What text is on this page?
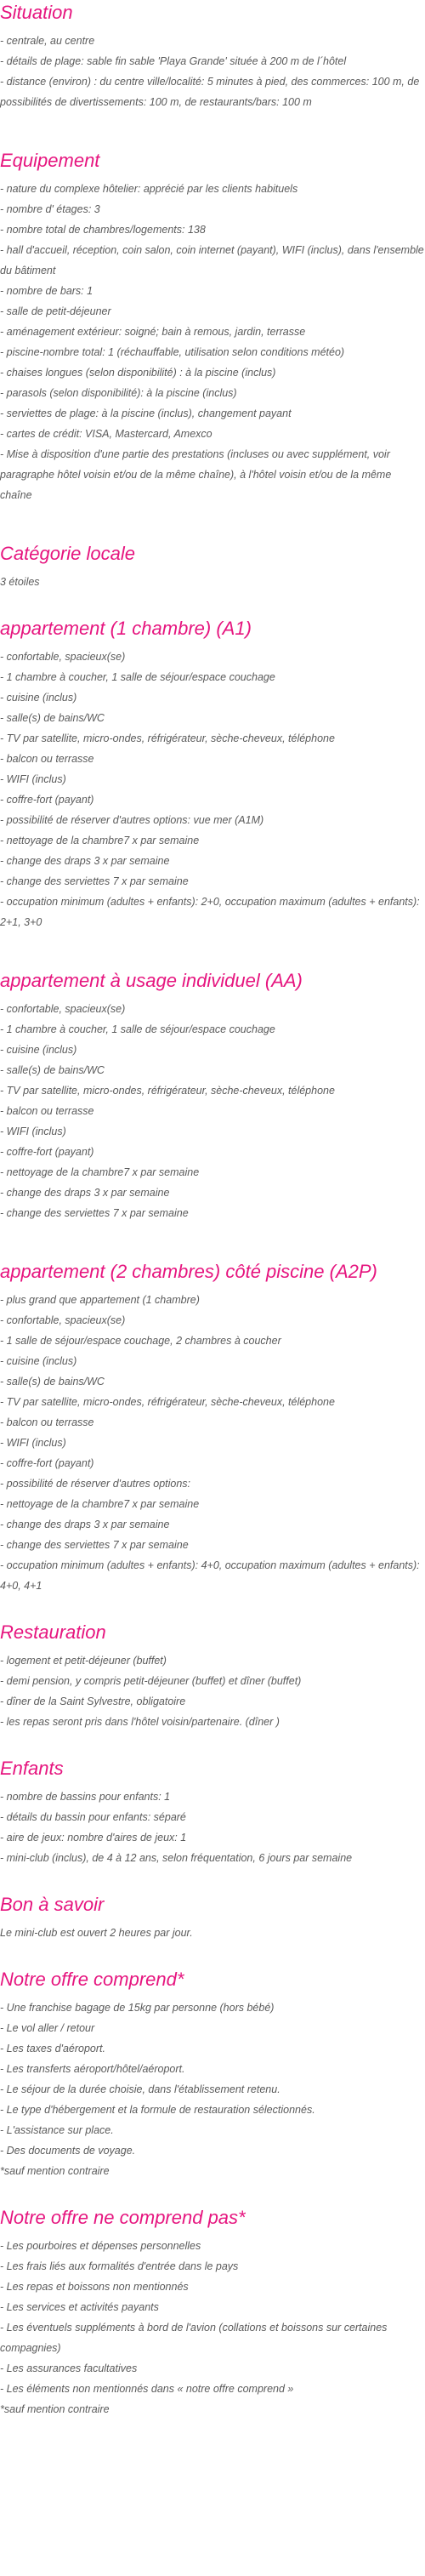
Situation

- centrale, au centre

- détails de plage: sable fin sable 'Playa Grande' située à 200 m de l´hôtel

- distance (environ) : du centre ville/localité: 5 minutes à pied, des commerces: 100 m, de possibilités de divertissements: 100 m, de restaurants/bars: 100 m

Equipement

- nature du complexe hôtelier: apprécié par les clients habituels

- nombre d' étages: 3

- nombre total de chambres/logements: 138

- hall d'accueil, réception, coin salon, coin internet (payant), WIFI (inclus), dans l'ensemble du bâtiment

- nombre de bars: 1

- salle de petit-déjeuner

- aménagement extérieur: soigné; bain à remous, jardin, terrasse

- piscine-nombre total: 1 (réchauffable, utilisation selon conditions météo)

- chaises longues (selon disponibilité) : à la piscine (inclus)

- parasols (selon disponibilité): à la piscine (inclus)

- serviettes de plage: à la piscine (inclus), changement payant

- cartes de crédit: VISA, Mastercard, Amexco

- Mise à disposition d'une partie des prestations (incluses ou avec supplément, voir paragraphe hôtel voisin et/ou de la même chaîne), à l'hôtel voisin et/ou de la même chaîne

Catégorie locale

3 étoiles

appartement (1 chambre) (A1)

- confortable, spacieux(se)

- 1 chambre à coucher, 1 salle de séjour/espace couchage

- cuisine (inclus)

- salle(s) de bains/WC

- TV par satellite, micro-ondes, réfrigérateur, sèche-cheveux, téléphone

- balcon ou terrasse

- WIFI (inclus)

- coffre-fort (payant)

- possibilité de réserver d'autres options: vue mer (A1M)

- nettoyage de la chambre7 x par semaine

- change des draps 3 x par semaine

- change des serviettes 7 x par semaine

- occupation minimum (adultes + enfants): 2+0, occupation maximum (adultes + enfants): 2+1, 3+0

appartement à usage individuel (AA)

- confortable, spacieux(se)

- 1 chambre à coucher, 1 salle de séjour/espace couchage

- cuisine (inclus)

- salle(s) de bains/WC

- TV par satellite, micro-ondes, réfrigérateur, sèche-cheveux, téléphone

- balcon ou terrasse

- WIFI (inclus)

- coffre-fort (payant)

- nettoyage de la chambre7 x par semaine

- change des draps 3 x par semaine

- change des serviettes 7 x par semaine

appartement (2 chambres) côté piscine (A2P)

- plus grand que appartement (1 chambre)

- confortable, spacieux(se)

- 1 salle de séjour/espace couchage, 2 chambres à coucher

- cuisine (inclus)

- salle(s) de bains/WC

- TV par satellite, micro-ondes, réfrigérateur, sèche-cheveux, téléphone

- balcon ou terrasse

- WIFI (inclus)

- coffre-fort (payant)

- possibilité de réserver d'autres options:

- nettoyage de la chambre7 x par semaine

- change des draps 3 x par semaine

- change des serviettes 7 x par semaine

- occupation minimum (adultes + enfants): 4+0, occupation maximum (adultes + enfants): 4+0, 4+1

Restauration

- logement et petit-déjeuner (buffet)

- demi pension, y compris petit-déjeuner (buffet) et dîner (buffet)

- dîner de la Saint Sylvestre, obligatoire

- les repas seront pris dans l'hôtel voisin/partenaire. (dîner )

Enfants

- nombre de bassins pour enfants: 1

- détails du bassin pour enfants: séparé

- aire de jeux: nombre d'aires de jeux: 1

- mini-club (inclus), de 4 à 12 ans, selon fréquentation, 6 jours par semaine

Bon à savoir

Le mini-club est ouvert 2 heures par jour.

Notre offre comprend*

- Une franchise bagage de 15kg par personne (hors bébé)

- Le vol aller / retour

- Les taxes d'aéroport.

- Les transferts aéroport/hôtel/aéroport.

- Le séjour de la durée choisie, dans l'établissement retenu.

- Le type d'hébergement et la formule de restauration sélectionnés.

- L'assistance sur place.

- Des documents de voyage.

*sauf mention contraire

Notre offre ne comprend pas*

- Les pourboires et dépenses personnelles

- Les frais liés aux formalités d'entrée dans le pays

- Les repas et boissons non mentionnés

- Les services et activités payants

- Les éventuels suppléments à bord de l'avion (collations et boissons sur certaines compagnies)

- Les assurances facultatives

- Les éléments non mentionnés dans « notre offre comprend »

*sauf mention contraire
